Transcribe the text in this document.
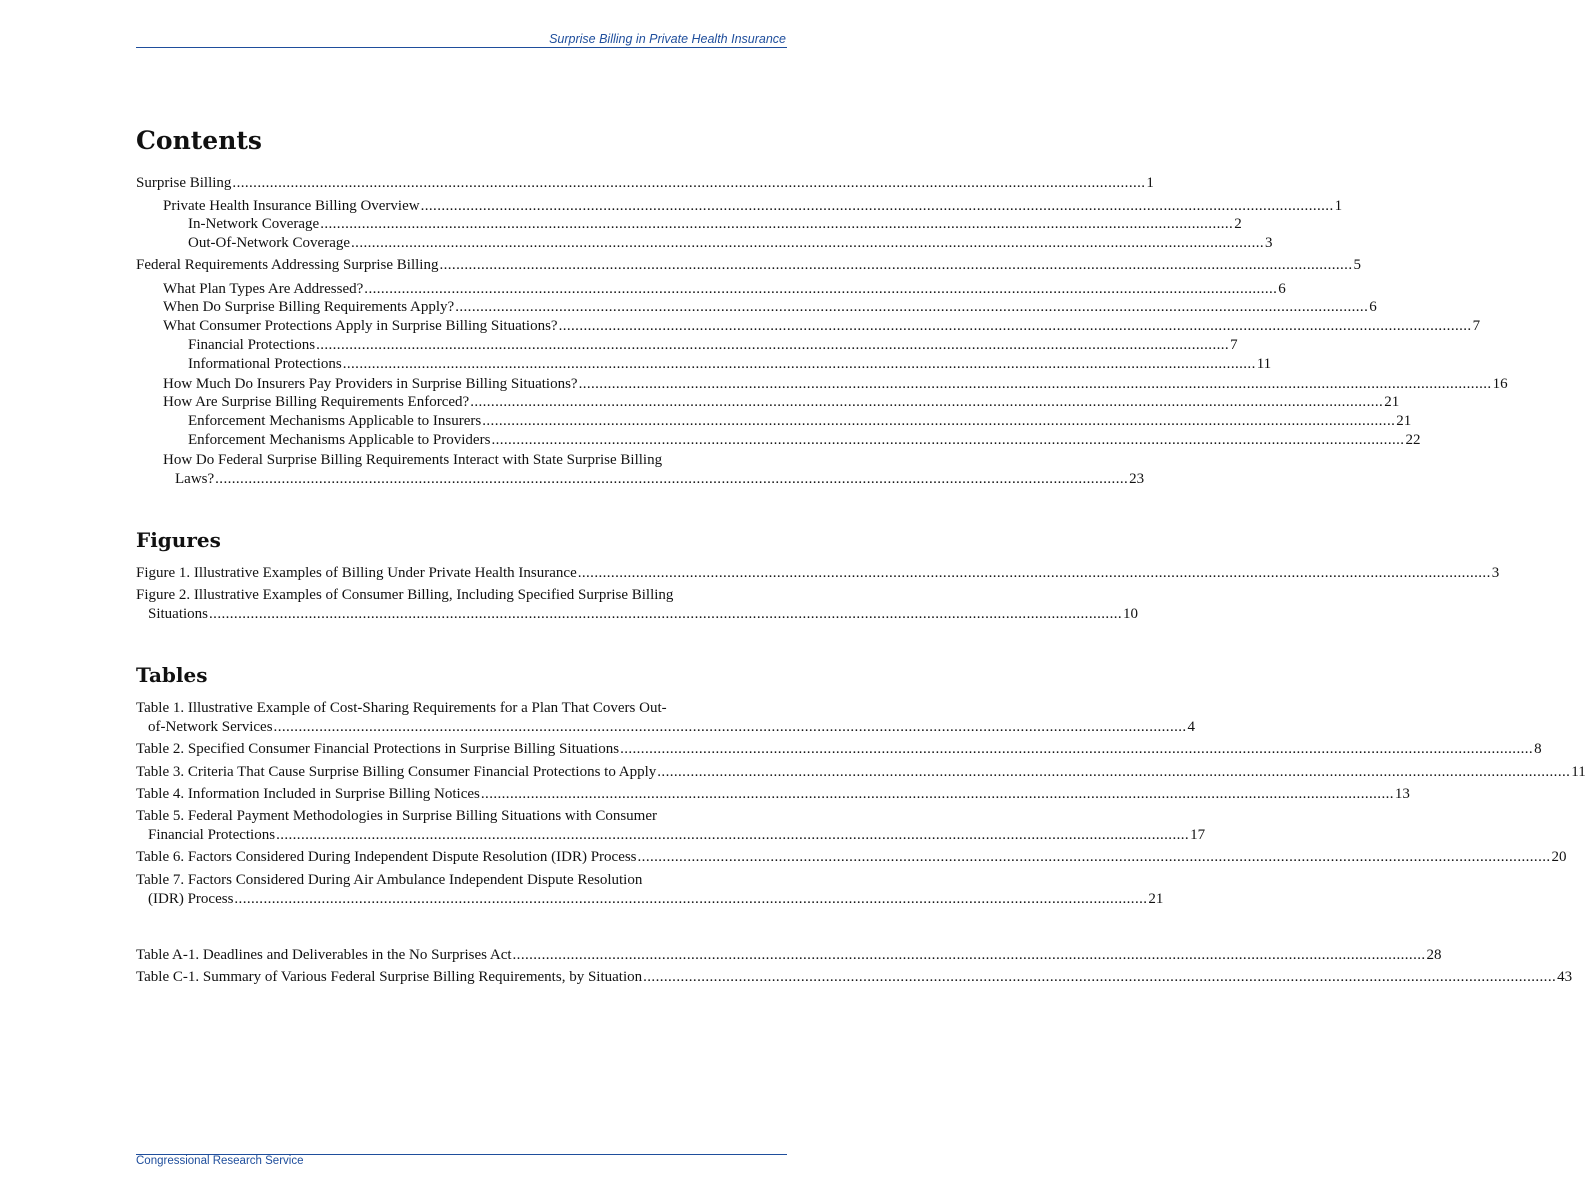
Surprise Billing in Private Health Insurance
Contents
Surprise Billing ............................................................................................................................................................................................................................ 1
Private Health Insurance Billing Overview ............................................................................................................................................................................................................................ 1
In-Network Coverage ............................................................................................................................................................................................................................ 2
Out-Of-Network Coverage ............................................................................................................................................................................................................................ 3
Federal Requirements Addressing Surprise Billing ............................................................................................................................................................................................................................ 5
What Plan Types Are Addressed? ............................................................................................................................................................................................................................ 6
When Do Surprise Billing Requirements Apply? ............................................................................................................................................................................................................................ 6
What Consumer Protections Apply in Surprise Billing Situations? ............................................................................................................................................................................................................................ 7
Financial Protections ............................................................................................................................................................................................................................ 7
Informational Protections ............................................................................................................................................................................................................................ 11
How Much Do Insurers Pay Providers in Surprise Billing Situations? ............................................................................................................................................................................................................................ 16
How Are Surprise Billing Requirements Enforced? ............................................................................................................................................................................................................................ 21
Enforcement Mechanisms Applicable to Insurers ............................................................................................................................................................................................................................ 21
Enforcement Mechanisms Applicable to Providers ............................................................................................................................................................................................................................ 22
How Do Federal Surprise Billing Requirements Interact with State Surprise Billing
Laws? ............................................................................................................................................................................................................................ 23
Figures
Figure 1. Illustrative Examples of Billing Under Private Health Insurance ............................................................................................................................................................................................................................ 3
Figure 2. Illustrative Examples of Consumer Billing, Including Specified Surprise Billing
Situations ............................................................................................................................................................................................................................ 10
Tables
Table 1. Illustrative Example of Cost-Sharing Requirements for a Plan That Covers Out-
of-Network Services ............................................................................................................................................................................................................................ 4
Table 2. Specified Consumer Financial Protections in Surprise Billing Situations ............................................................................................................................................................................................................................ 8
Table 3. Criteria That Cause Surprise Billing Consumer Financial Protections to Apply ............................................................................................................................................................................................................................ 11
Table 4. Information Included in Surprise Billing Notices ............................................................................................................................................................................................................................ 13
Table 5. Federal Payment Methodologies in Surprise Billing Situations with Consumer
Financial Protections ............................................................................................................................................................................................................................ 17
Table 6. Factors Considered During Independent Dispute Resolution (IDR) Process ............................................................................................................................................................................................................................ 20
Table 7. Factors Considered During Air Ambulance Independent Dispute Resolution
(IDR) Process ............................................................................................................................................................................................................................ 21
Table A-1. Deadlines and Deliverables in the No Surprises Act ............................................................................................................................................................................................................................ 28
Table C-1. Summary of Various Federal Surprise Billing Requirements, by Situation ............................................................................................................................................................................................................................ 43
Congressional Research Service
